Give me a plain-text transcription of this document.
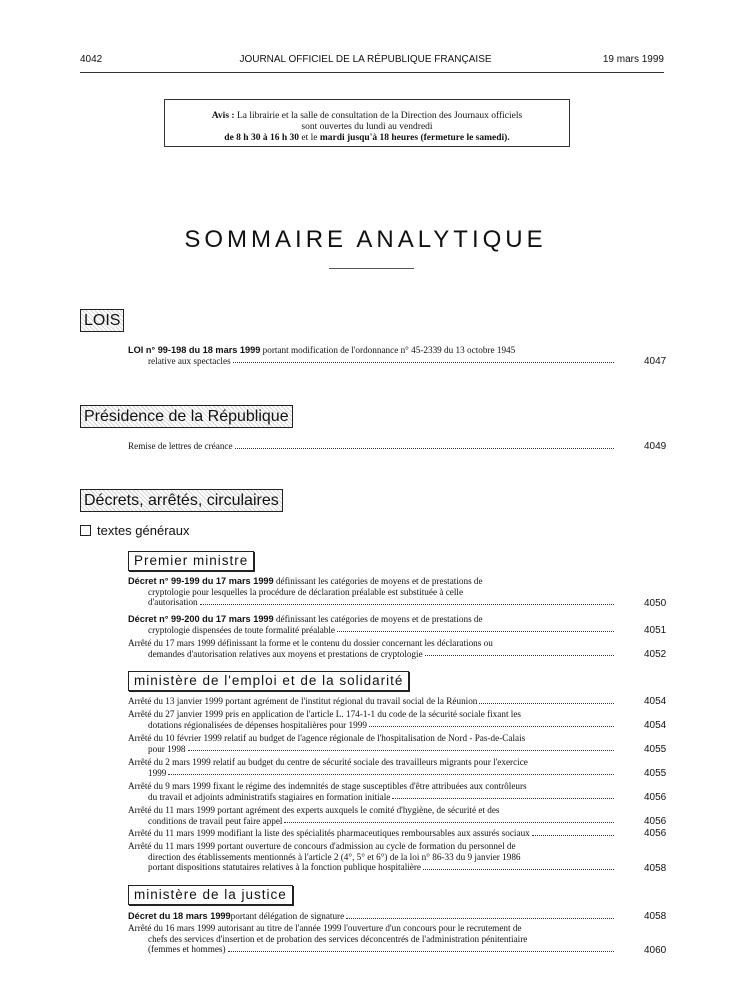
4042	JOURNAL OFFICIEL DE LA RÉPUBLIQUE FRANÇAISE	19 mars 1999
Avis : La librairie et la salle de consultation de la Direction des Journaux officiels
sont ouvertes du lundi au vendredi
de 8 h 30 à 16 h 30 et le mardi jusqu'à 18 heures (fermeture le samedi).
SOMMAIRE ANALYTIQUE
LOIS
LOI n° 99-198 du 18 mars 1999 portant modification de l'ordonnance n° 45-2339 du 13 octobre 1945
relative aux spectacles	4047
Présidence de la République
Remise de lettres de créance	4049
Décrets, arrêtés, circulaires
textes généraux
Premier ministre
Décret n° 99-199 du 17 mars 1999 définissant les catégories de moyens et de prestations de
cryptologie pour lesquelles la procédure de déclaration préalable est substituée à celle
d'autorisation	4050
Décret n° 99-200 du 17 mars 1999 définissant les catégories de moyens et de prestations de
cryptologie dispensées de toute formalité préalable	4051
Arrêté du 17 mars 1999 définissant la forme et le contenu du dossier concernant les déclarations ou
demandes d'autorisation relatives aux moyens et prestations de cryptologie	4052
ministère de l'emploi et de la solidarité
Arrêté du 13 janvier 1999 portant agrément de l'institut régional du travail social de la Réunion	4054
Arrêté du 27 janvier 1999 pris en application de l'article L. 174-1-1 du code de la sécurité sociale fixant les
dotations régionalisées de dépenses hospitalières pour 1999	4054
Arrêté du 10 février 1999 relatif au budget de l'agence régionale de l'hospitalisation de Nord - Pas-de-Calais
pour 1998	4055
Arrêté du 2 mars 1999 relatif au budget du centre de sécurité sociale des travailleurs migrants pour l'exercice
1999	4055
Arrêté du 9 mars 1999 fixant le régime des indemnités de stage susceptibles d'être attribuées aux contrôleurs
du travail et adjoints administratifs stagiaires en formation initiale	4056
Arrêté du 11 mars 1999 portant agrément des experts auxquels le comité d'hygiène, de sécurité et des
conditions de travail peut faire appel	4056
Arrêté du 11 mars 1999 modifiant la liste des spécialités pharmaceutiques remboursables aux assurés sociaux	4056
Arrêté du 11 mars 1999 portant ouverture de concours d'admission au cycle de formation du personnel de
direction des établissements mentionnés à l'article 2 (4°, 5° et 6°) de la loi n° 86-33 du 9 janvier 1986
portant dispositions statutaires relatives à la fonction publique hospitalière	4058
ministère de la justice
Décret du 18 mars 1999 portant délégation de signature	4058
Arrêté du 16 mars 1999 autorisant au titre de l'année 1999 l'ouverture d'un concours pour le recrutement de
chefs des services d'insertion et de probation des services déconcentrés de l'administration pénitentiaire
(femmes et hommes)	4060
